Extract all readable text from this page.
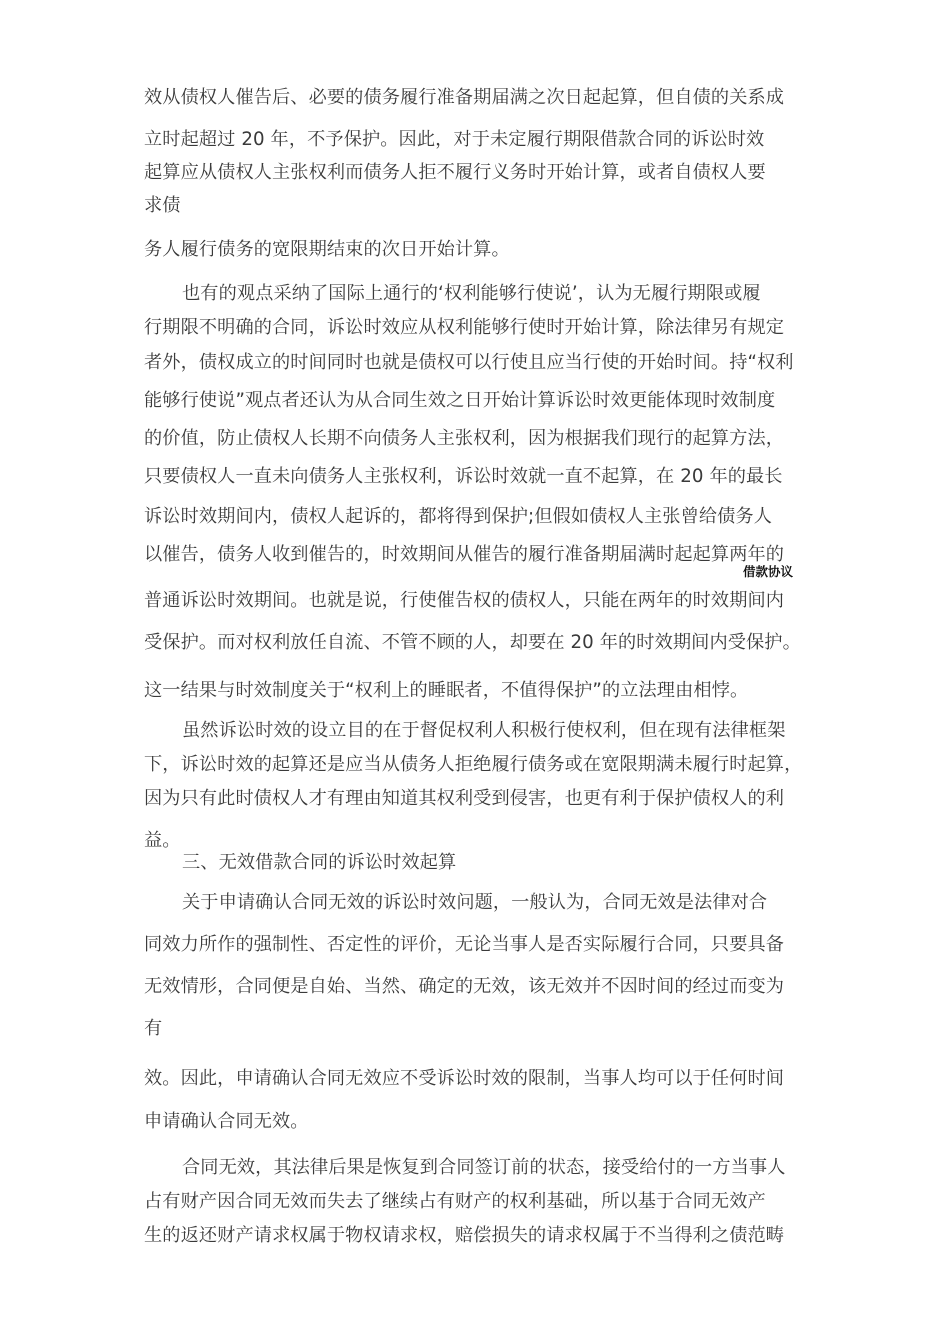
效从债权人催告后、必要的债务履行准备期届满之次日起起算，但自债的关系成
立时起超过 20 年，不予保护。因此，对于未定履行期限借款合同的诉讼时效
起算应从债权人主张权利而债务人拒不履行义务时开始计算，或者自债权人要
求债
务人履行债务的宽限期结束的次日开始计算。
也有的观点采纳了国际上通行的‘权利能够行使说’，认为无履行期限或履
行期限不明确的合同，诉讼时效应从权利能够行使时开始计算，除法律另有规定
者外，债权成立的时间同时也就是债权可以行使且应当行使的开始时间。持“权利
能够行使说”观点者还认为从合同生效之日开始计算诉讼时效更能体现时效制度
的价值，防止债权人长期不向债务人主张权利，因为根据我们现行的起算方法，
只要债权人一直未向债务人主张权利，诉讼时效就一直不起算，在 20 年的最长
诉讼时效期间内，债权人起诉的，都将得到保护;但假如债权人主张曾给债务人
以催告，债务人收到催告的，时效期间从催告的履行准备期届满时起起算两年的
普通诉讼时效期间。也就是说，行使催告权的债权人，只能在两年的时效期间内
受保护。而对权利放任自流、不管不顾的人，却要在 20 年的时效期间内受保护。
这一结果与时效制度关于“权利上的睡眠者，不值得保护”的立法理由相悖。
虽然诉讼时效的设立目的在于督促权利人积极行使权利，但在现有法律框架
下，诉讼时效的起算还是应当从债务人拒绝履行债务或在宽限期满未履行时起算，
因为只有此时债权人才有理由知道其权利受到侵害，也更有利于保护债权人的利
益。
三、无效借款合同的诉讼时效起算
关于申请确认合同无效的诉讼时效问题，一般认为，合同无效是法律对合
同效力所作的强制性、否定性的评价，无论当事人是否实际履行合同，只要具备
无效情形，合同便是自始、当然、确定的无效，该无效并不因时间的经过而变为
有
效。因此，申请确认合同无效应不受诉讼时效的限制，当事人均可以于任何时间
申请确认合同无效。
合同无效，其法律后果是恢复到合同签订前的状态，接受给付的一方当事人
占有财产因合同无效而失去了继续占有财产的权利基础，所以基于合同无效产
生的返还财产请求权属于物权请求权，赔偿损失的请求权属于不当得利之债范畴
借款协议
